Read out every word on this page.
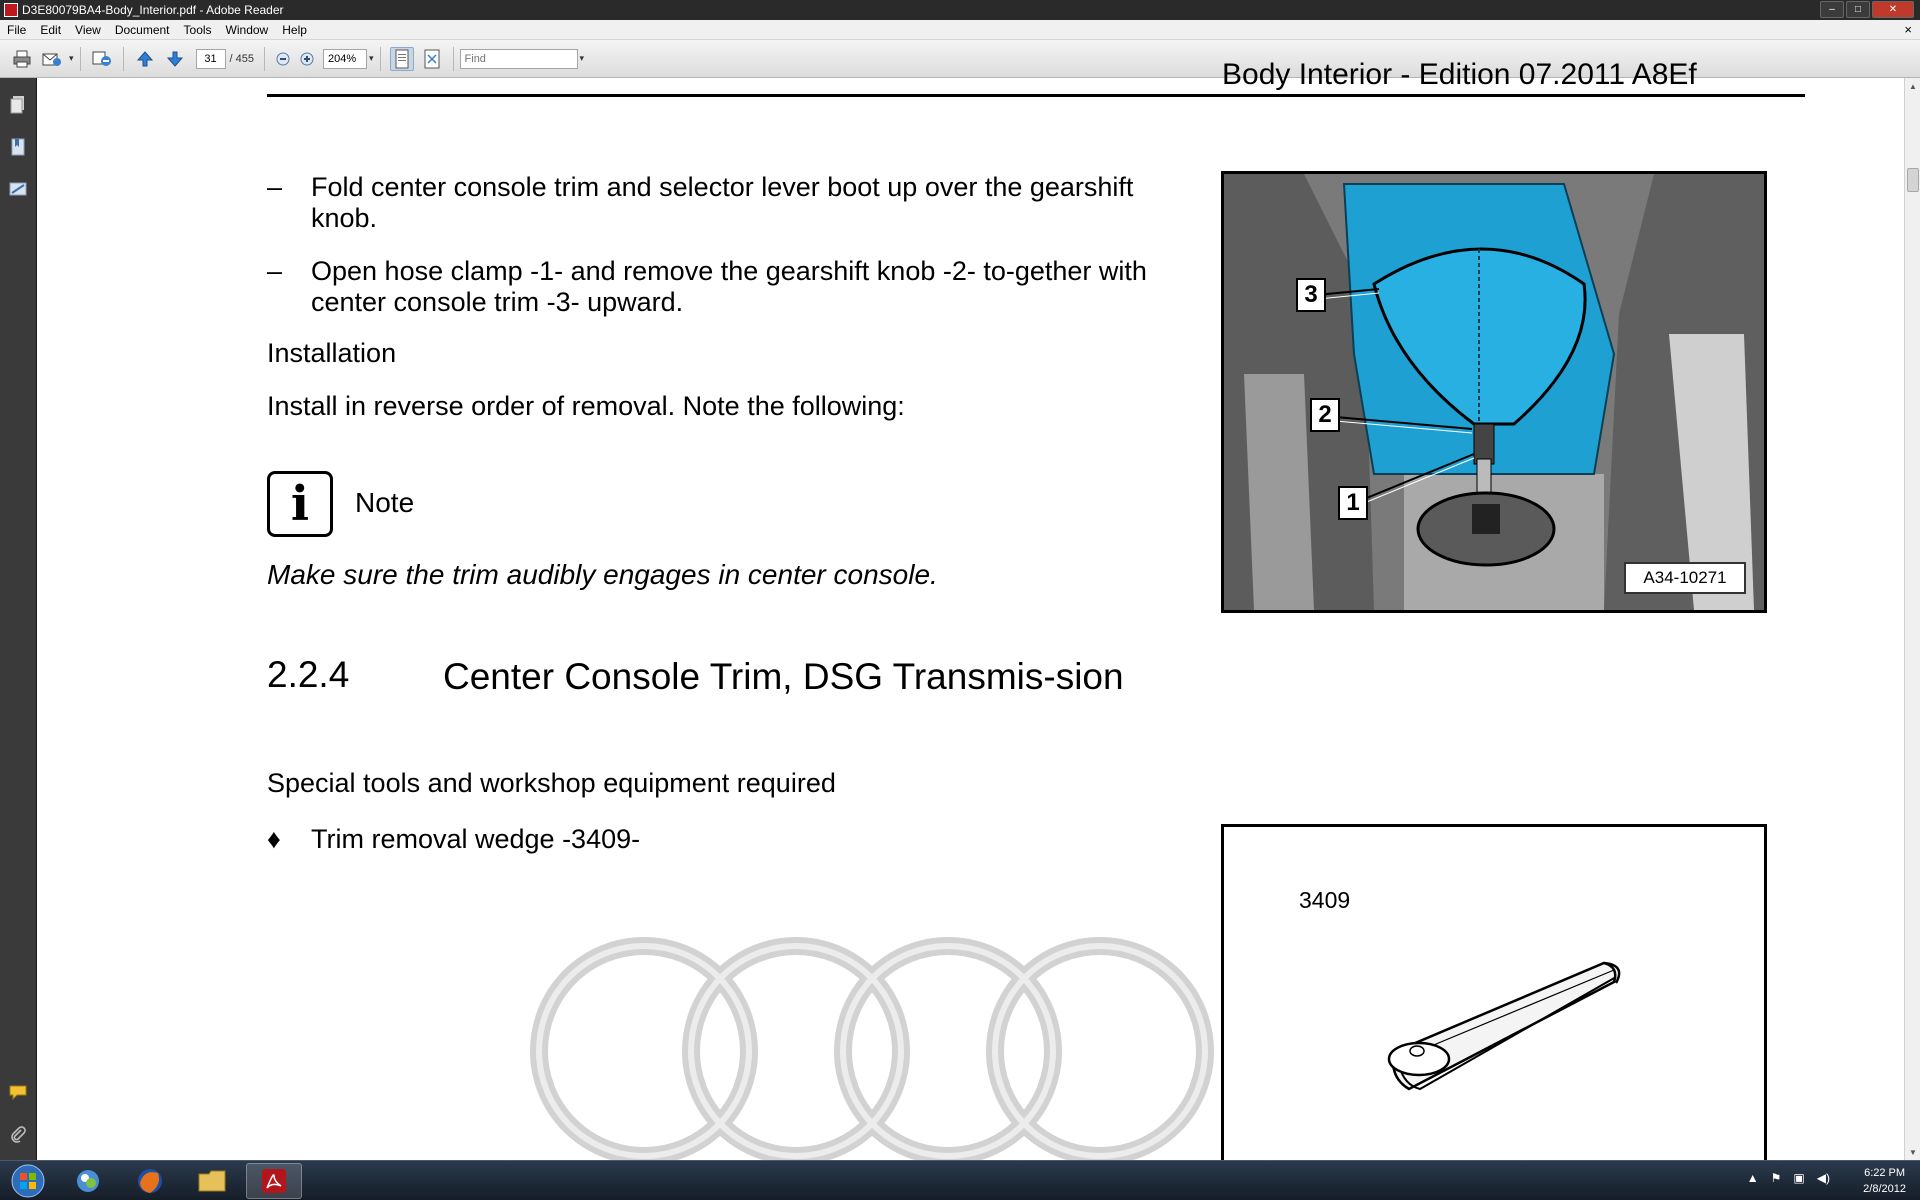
D3E80079BA4-Body_Interior.pdf - Adobe Reader	–	□	✕
File	Edit	View	Document	Tools	Window	Help	×
▾
31	/ 455
204%	▾
Find	▾	Body Interior - Edition 07.2011 A8Ef
– Fold center console trim and selector lever boot up over the gearshift knob.
– Open hose clamp -1- and remove the gearshift knob -2- to-gether with center console trim -3- upward.
Installation
Install in reverse order of removal. Note the following:
i Note
Make sure the trim audibly engages in center console.
2.2.4	Center Console Trim, DSG Transmis-sion
Special tools and workshop equipment required
♦ Trim removal wedge -3409-
3
2
1
A34-10271
3409
▲
▼
▲ ⚑ ▣ ◀)	6:22 PM
2/8/2012
